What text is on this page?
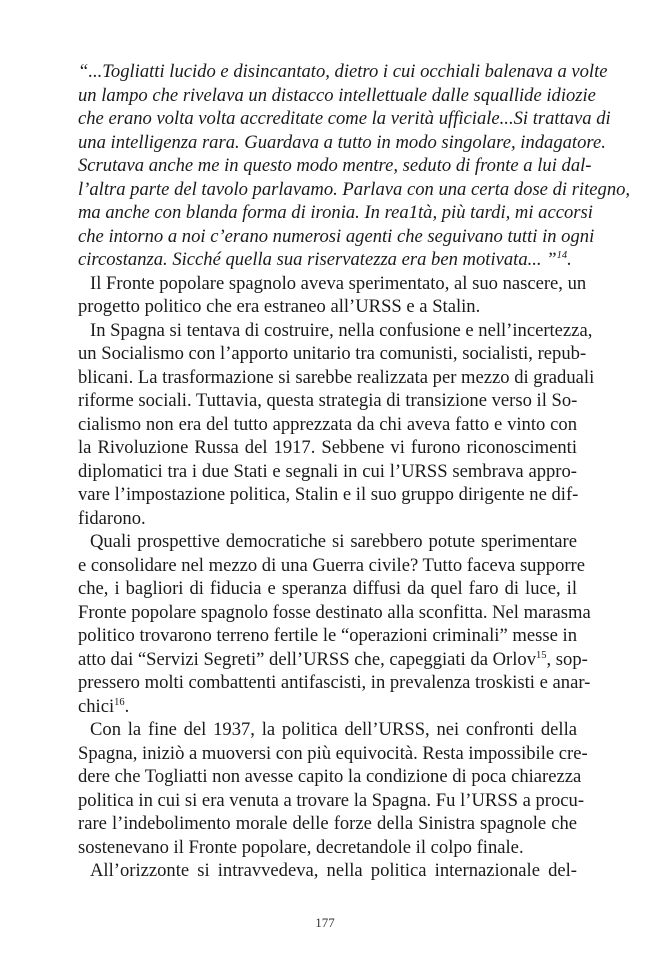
“...Togliatti lucido e disincantato, dietro i cui occhiali balenava a volte
un lampo che rivelava un distacco intellettuale dalle squallide idiozie
che erano volta volta accreditate come la verità ufficiale...Si trattava di
una intelligenza rara. Guardava a tutto in modo singolare, indagatore.
Scrutava anche me in questo modo mentre, seduto di fronte a lui dal-
l’altra parte del tavolo parlavamo. Parlava con una certa dose di ritegno,
ma anche con blanda forma di ironia. In rea1tà, più tardi, mi accorsi
che intorno a noi c’erano numerosi agenti che seguivano tutti in ogni
circostanza. Sicché quella sua riservatezza era ben motivata... ”$^{14}$.
Il Fronte popolare spagnolo aveva sperimentato, al suo nascere, un
progetto politico che era estraneo all’URSS e a Stalin.
In Spagna si tentava di costruire, nella confusione e nell’incertezza,
un Socialismo con l’apporto unitario tra comunisti, socialisti, repub-
blicani. La trasformazione si sarebbe realizzata per mezzo di graduali
riforme sociali. Tuttavia, questa strategia di transizione verso il So-
cialismo non era del tutto apprezzata da chi aveva fatto e vinto con
la Rivoluzione Russa del 1917. Sebbene vi furono riconoscimenti
diplomatici tra i due Stati e segnali in cui l’URSS sembrava appro-
vare l’impostazione politica, Stalin e il suo gruppo dirigente ne dif-
fidarono.
Quali prospettive democratiche si sarebbero potute sperimentare
e consolidare nel mezzo di una Guerra civile? Tutto faceva supporre
che, i bagliori di fiducia e speranza diffusi da quel faro di luce, il
Fronte popolare spagnolo fosse destinato alla sconfitta. Nel marasma
politico trovarono terreno fertile le “operazioni criminali” messe in
atto dai “Servizi Segreti” dell’URSS che, capeggiati da Orlov$^{15}$, sop-
pressero molti combattenti antifascisti, in prevalenza troskisti e anar-
chici$^{16}$.
Con la fine del 1937, la politica dell’URSS, nei confronti della
Spagna, iniziò a muoversi con più equivocità. Resta impossibile cre-
dere che Togliatti non avesse capito la condizione di poca chiarezza
politica in cui si era venuta a trovare la Spagna. Fu l’URSS a procu-
rare l’indebolimento morale delle forze della Sinistra spagnole che
sostenevano il Fronte popolare, decretandole il colpo finale.
All’orizzonte si intravvedeva, nella politica internazionale del-
177
